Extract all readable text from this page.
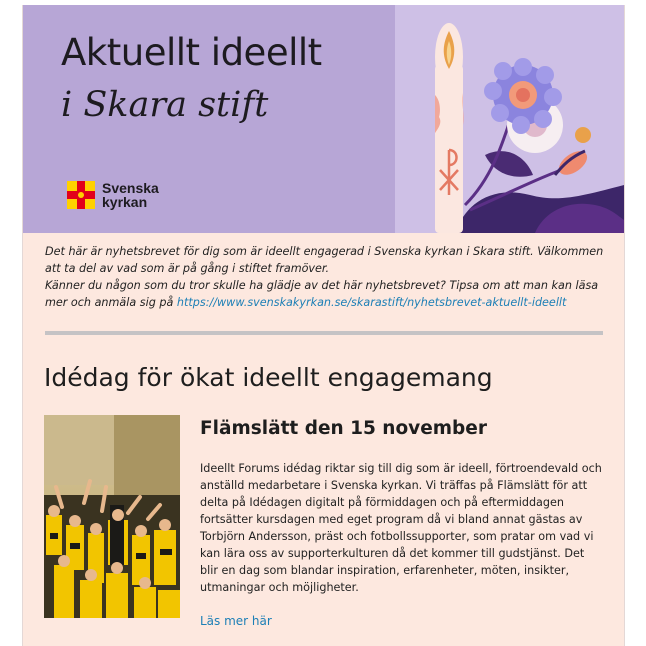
Aktuellt ideellt
i Skara stift
Svenska
kyrkan
Det här är nyhetsbrevet för dig som är ideellt engagerad i Svenska kyrkan i Skara stift. Välkommen att ta del av vad som är på gång i stiftet framöver.
Känner du någon som du tror skulle ha glädje av det här nyhetsbrevet? Tipsa om att man kan läsa mer och anmäla sig på https://www.svenskakyrkan.se/skarastift/nyhetsbrevet-aktuellt-ideellt
Idédag för ökat ideellt engagemang
Flämslätt den 15 november
Ideellt Forums idédag riktar sig till dig som är ideell, förtroendevald och anställd medarbetare i Svenska kyrkan. Vi träffas på Flämslätt för att delta på Idédagen digitalt på förmiddagen och på eftermiddagen fortsätter kursdagen med eget program då vi bland annat gästas av Torbjörn Andersson, präst och fotbollssupporter, som pratar om vad vi kan lära oss av supporterkulturen då det kommer till gudstjänst. Det blir en dag som blandar inspiration, erfarenheter, möten, insikter, utmaningar och möjligheter.
Läs mer här
